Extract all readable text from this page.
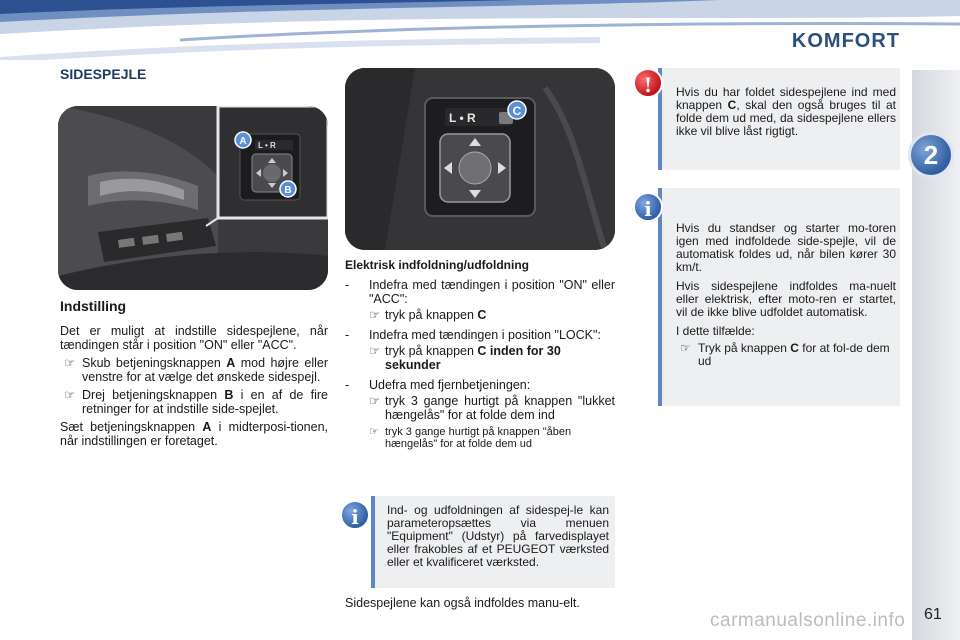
KOMFORT
2
SIDESPEJLE
L • R
A
B
L • R	C
Indstilling

Det er muligt at indstille sidespejlene, når tændingen står i position "ON" eller "ACC".

☞ Skub betjeningsknappen A mod højre eller venstre for at vælge det ønskede sidespejl.
☞ Drej betjeningsknappen B i en af de fire retninger for at indstille side-spejlet.

Sæt betjeningsknappen A i midterposi-tionen, når indstillingen er foretaget.

Elektrisk indfoldning/udfoldning

-	Indefra med tændingen i position "ON" eller "ACC":
☞ tryk på knappen C
-	Indefra med tændingen i position "LOCK":
☞ tryk på knappen C inden for 30 sekunder
-	Udefra med fjernbetjeningen:
☞ tryk 3 gange hurtigt på knappen "lukket hængelås" for at folde dem ind
☞ tryk 3 gange hurtigt på knappen "åben hængelås" for at folde dem ud
Ind- og udfoldningen af sidespej-le kan parameteropsættes via menuen "Equipment" (Udstyr) på farvedisplayet eller frakobles af et PEUGEOT værksted eller et kvalificeret værksted.
i
Sidespejlene kan også indfoldes manu-elt.
Hvis du har foldet sidespejlene ind med knappen C, skal den også bruges til at folde dem ud med, da sidespejlene ellers ikke vil blive låst rigtigt.
!

Hvis du standser og starter mo-toren igen med indfoldede side-spejle, vil de automatisk foldes ud, når bilen kører 30 km/t.

Hvis sidespejlene indfoldes ma-nuelt eller elektrisk, efter moto-ren er startet, vil de ikke blive udfoldet automatisk.

I dette tilfælde:

☞ Tryk på knappen C for at fol-de dem ud
i
carmanualsonline.info 61
